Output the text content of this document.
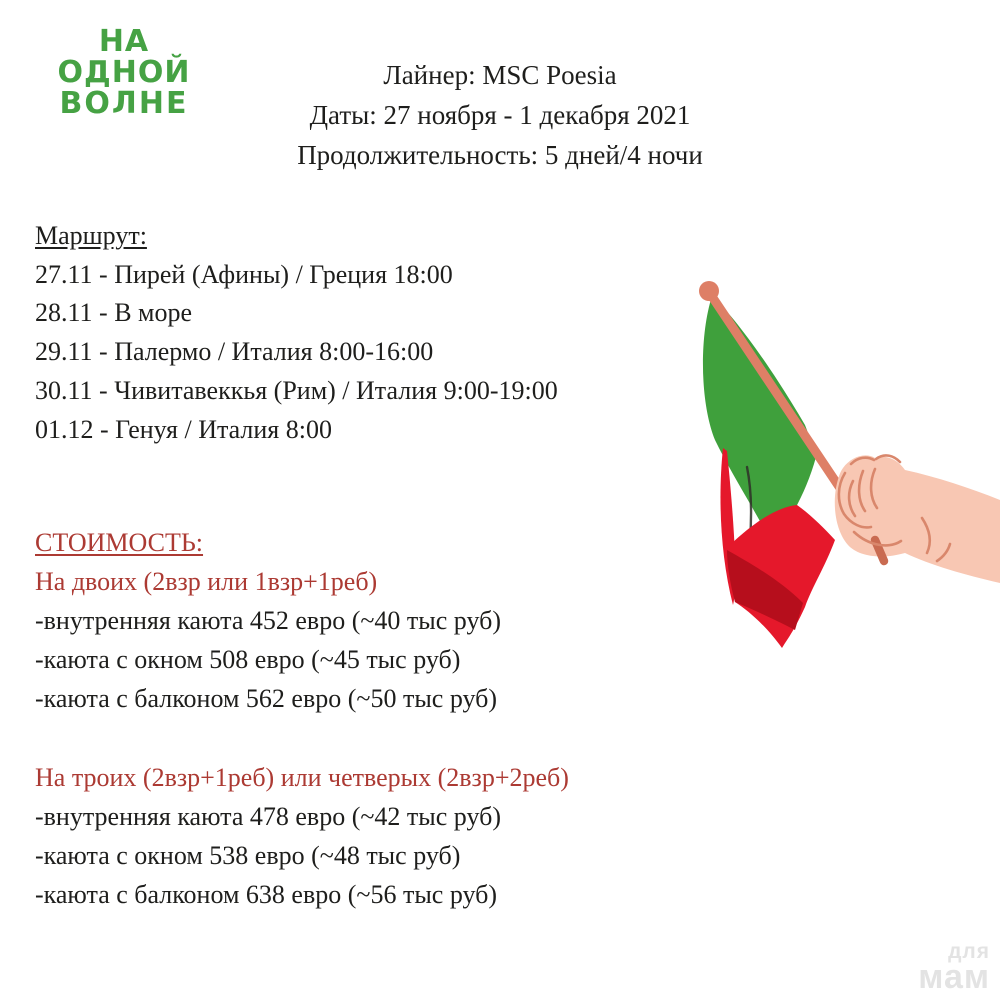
НА ОДНОЙ
ВОЛНЕ
Лайнер: MSC Poesia
Даты: 27 ноября - 1 декабря 2021
Продолжительность: 5 дней/4 ночи
Маршрут:
27.11 - Пирей (Афины) / Греция 18:00
28.11 - В море
29.11 - Палермо / Италия 8:00-16:00
30.11 - Чивитавеккья (Рим) / Италия 9:00-19:00
01.12 - Генуя / Италия 8:00
СТОИМОСТЬ:
На двоих (2взр или 1взр+1реб)
-внутренняя каюта 452 евро (~40 тыс руб)
-каюта с окном 508 евро (~45 тыс руб)
-каюта с балконом 562 евро (~50 тыс руб)
На троих (2взр+1реб) или четверых (2взр+2реб)
-внутренняя каюта 478 евро (~42 тыс руб)
-каюта с окном 538 евро (~48 тыс руб)
-каюта с балконом 638 евро (~56 тыс руб)
для
мам
